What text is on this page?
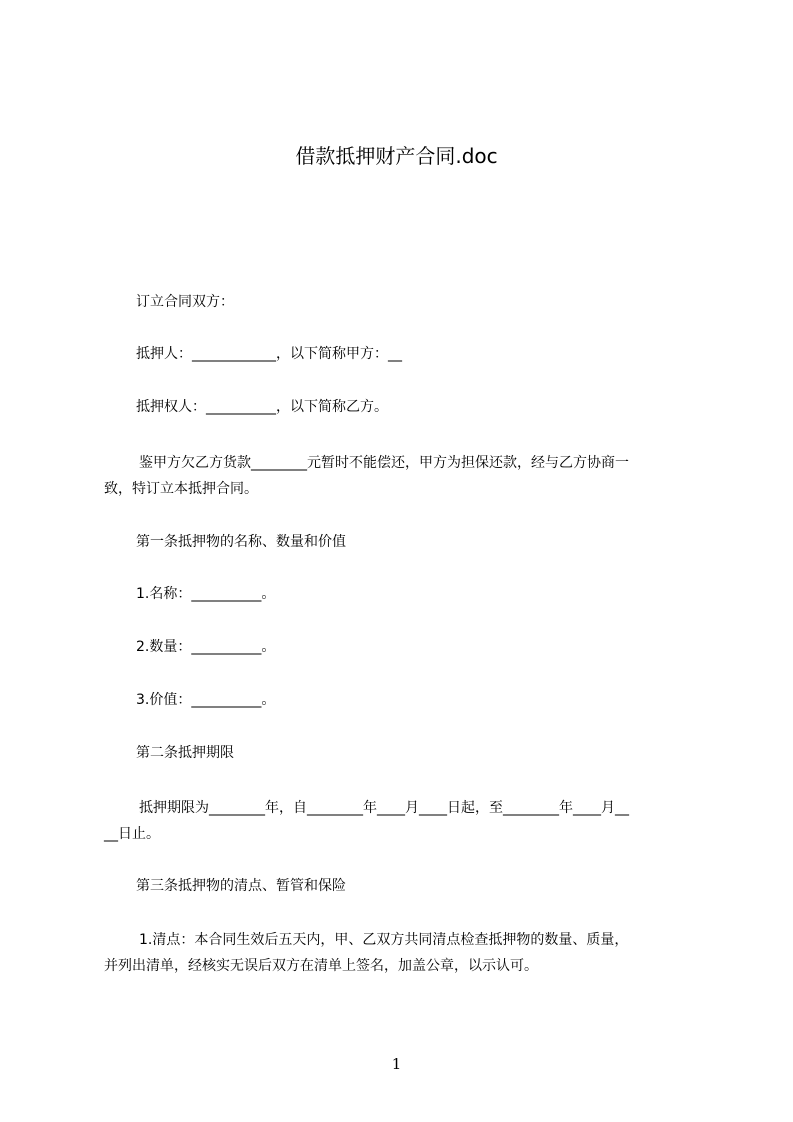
借款抵押财产合同.doc
订立合同双方：
抵押人：____________，以下简称甲方：__
抵押权人：__________，以下简称乙方。
鉴甲方欠乙方货款________元暂时不能偿还，甲方为担保还款，经与乙方协商一
致，特订立本抵押合同。
第一条抵押物的名称、数量和价值
1.名称：__________。
2.数量：__________。
3.价值：__________。
第二条抵押期限
抵押期限为________年，自________年____月____日起，至________年____月__
__日止。
第三条抵押物的清点、暂管和保险
1.清点：本合同生效后五天内，甲、乙双方共同清点检查抵押物的数量、质量，
并列出清单，经核实无误后双方在清单上签名，加盖公章，以示认可。
1
